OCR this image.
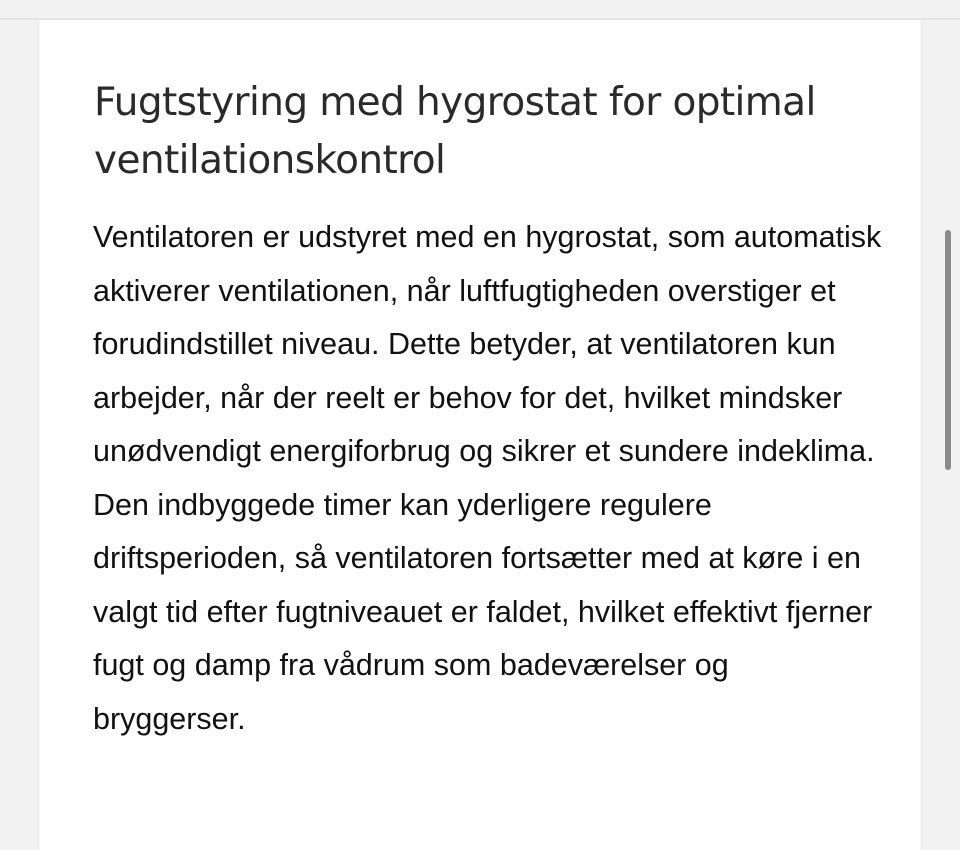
Fugtstyring med hygrostat for optimal ventilationskontrol

Ventilatoren er udstyret med en hygrostat, som automatisk aktiverer ventilationen, når luftfugtigheden overstiger et forudindstillet niveau. Dette betyder, at ventilatoren kun arbejder, når der reelt er behov for det, hvilket mindsker unødvendigt energiforbrug og sikrer et sundere indeklima. Den indbyggede timer kan yderligere regulere driftsperioden, så ventilatoren fortsætter med at køre i en valgt tid efter fugtniveauet er faldet, hvilket effektivt fjerner fugt og damp fra vådrum som badeværelser og bryggerser.
